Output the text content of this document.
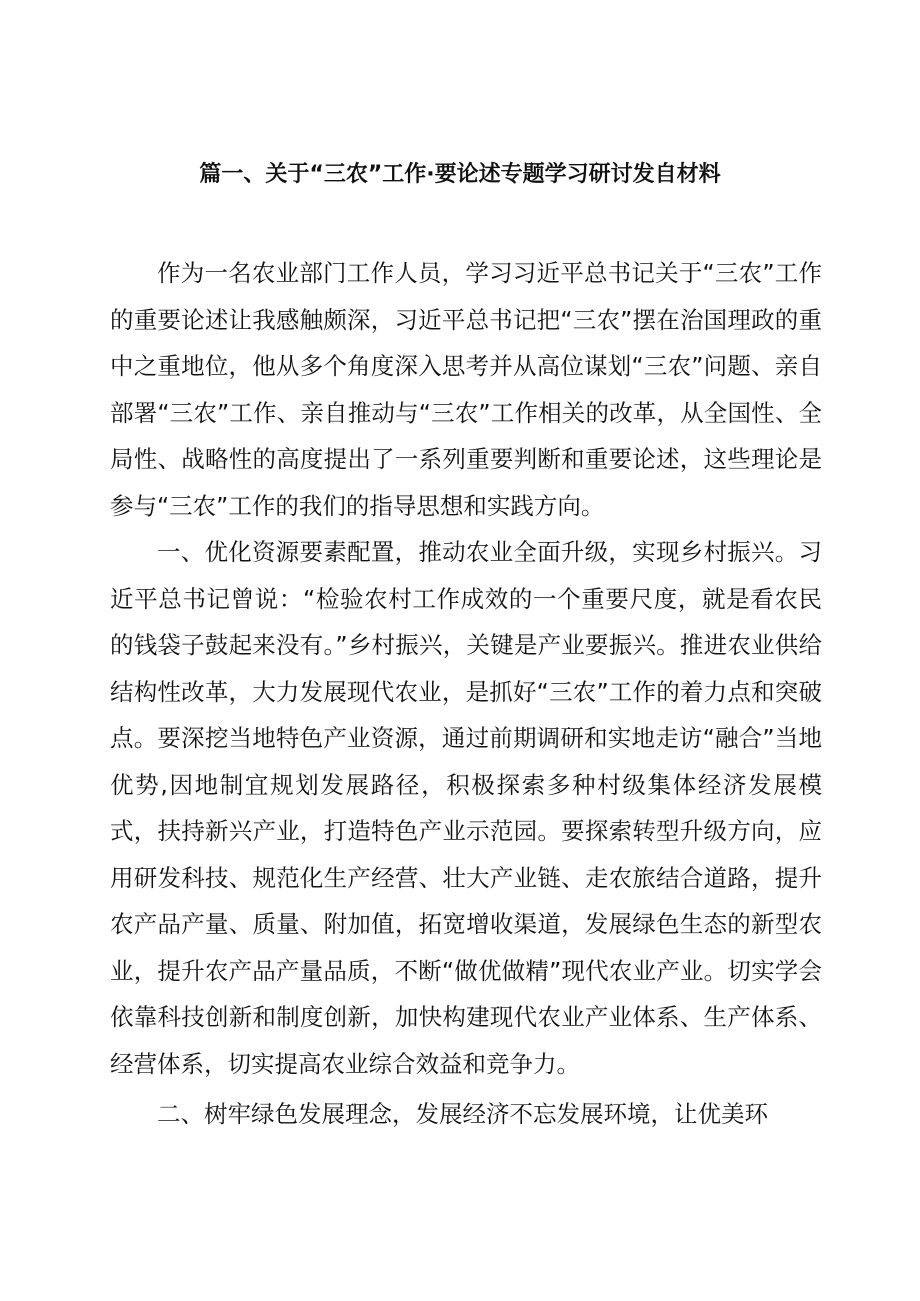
篇一、关于“三农”工作·要论述专题学习研讨发自材料

作为一名农业部门工作人员，学习习近平总书记关于“三农”工作的重要论述让我感触颇深，习近平总书记把“三农”摆在治国理政的重中之重地位，他从多个角度深入思考并从高位谋划“三农”问题、亲自部署“三农”工作、亲自推动与“三农”工作相关的改革，从全国性、全局性、战略性的高度提出了一系列重要判断和重要论述，这些理论是参与“三农”工作的我们的指导思想和实践方向。

一、优化资源要素配置，推动农业全面升级，实现乡村振兴。习近平总书记曾说：“检验农村工作成效的一个重要尺度，就是看农民的钱袋子鼓起来没有。”乡村振兴，关键是产业要振兴。推进农业供给结构性改革，大力发展现代农业，是抓好“三农”工作的着力点和突破点。要深挖当地特色产业资源，通过前期调研和实地走访“融合”当地优势,因地制宜规划发展路径，积极探索多种村级集体经济发展模式，扶持新兴产业，打造特色产业示范园。要探索转型升级方向，应用研发科技、规范化生产经营、壮大产业链、走农旅结合道路，提升农产品产量、质量、附加值，拓宽增收渠道，发展绿色生态的新型农业，提升农产品产量品质，不断“做优做精”现代农业产业。切实学会依靠科技创新和制度创新，加快构建现代农业产业体系、生产体系、经营体系，切实提高农业综合效益和竞争力。

二、树牢绿色发展理念，发展经济不忘发展环境，让优美环
